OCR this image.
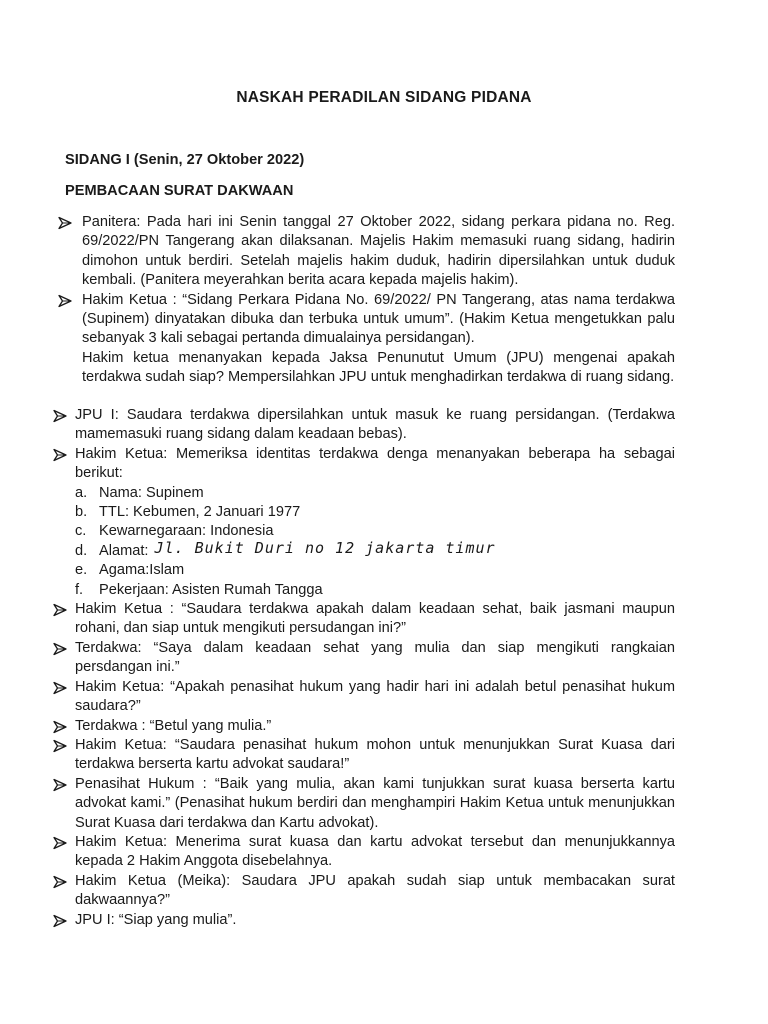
NASKAH PERADILAN SIDANG PIDANA
SIDANG I (Senin, 27 Oktober 2022)
PEMBACAAN SURAT DAKWAAN
Panitera: Pada hari ini Senin tanggal 27 Oktober 2022, sidang perkara pidana no. Reg. 69/2022/PN Tangerang akan dilaksanan. Majelis Hakim memasuki ruang sidang, hadirin dimohon untuk berdiri. Setelah majelis hakim duduk, hadirin dipersilahkan untuk duduk kembali. (Panitera meyerahkan berita acara kepada majelis hakim).
Hakim Ketua : “Sidang Perkara Pidana No. 69/2022/ PN Tangerang, atas nama terdakwa (Supinem) dinyatakan dibuka dan terbuka untuk umum”. (Hakim Ketua mengetukkan palu sebanyak 3 kali sebagai pertanda dimualainya persidangan).
Hakim ketua menanyakan kepada Jaksa Penunutut Umum (JPU) mengenai apakah terdakwa sudah siap? Mempersilahkan JPU untuk menghadirkan terdakwa di ruang sidang.
JPU I: Saudara terdakwa dipersilahkan untuk masuk ke ruang persidangan. (Terdakwa mamemasuki ruang sidang dalam keadaan bebas).
Hakim Ketua: Memeriksa identitas terdakwa denga menanyakan beberapa ha sebagai berikut:
a. Nama: Supinem
b. TTL: Kebumen, 2 Januari 1977
c. Kewarnegaraan: Indonesia
d. Alamat: Jl. Bukit Duri no 12 jakarta timur
e. Agama:Islam
f.	Pekerjaan: Asisten Rumah Tangga
Hakim Ketua : “Saudara terdakwa apakah dalam keadaan sehat, baik jasmani maupun rohani, dan siap untuk mengikuti persudangan ini?”
Terdakwa: “Saya dalam keadaan sehat yang mulia dan siap mengikuti rangkaian persdangan ini.”
Hakim Ketua: “Apakah penasihat hukum yang hadir hari ini adalah betul penasihat hukum saudara?”
Terdakwa : “Betul yang mulia.”
Hakim Ketua: “Saudara penasihat hukum mohon untuk menunjukkan Surat Kuasa dari terdakwa berserta kartu advokat saudara!”
Penasihat Hukum : “Baik yang mulia, akan kami tunjukkan surat kuasa berserta kartu advokat kami.” (Penasihat hukum berdiri dan menghampiri Hakim Ketua untuk menunjukkan Surat Kuasa dari terdakwa dan Kartu advokat).
Hakim Ketua: Menerima surat kuasa dan kartu advokat tersebut dan menunjukkannya kepada 2 Hakim Anggota disebelahnya.
Hakim Ketua (Meika): Saudara JPU apakah sudah siap untuk membacakan surat dakwaannya?”
JPU I: “Siap yang mulia”.
